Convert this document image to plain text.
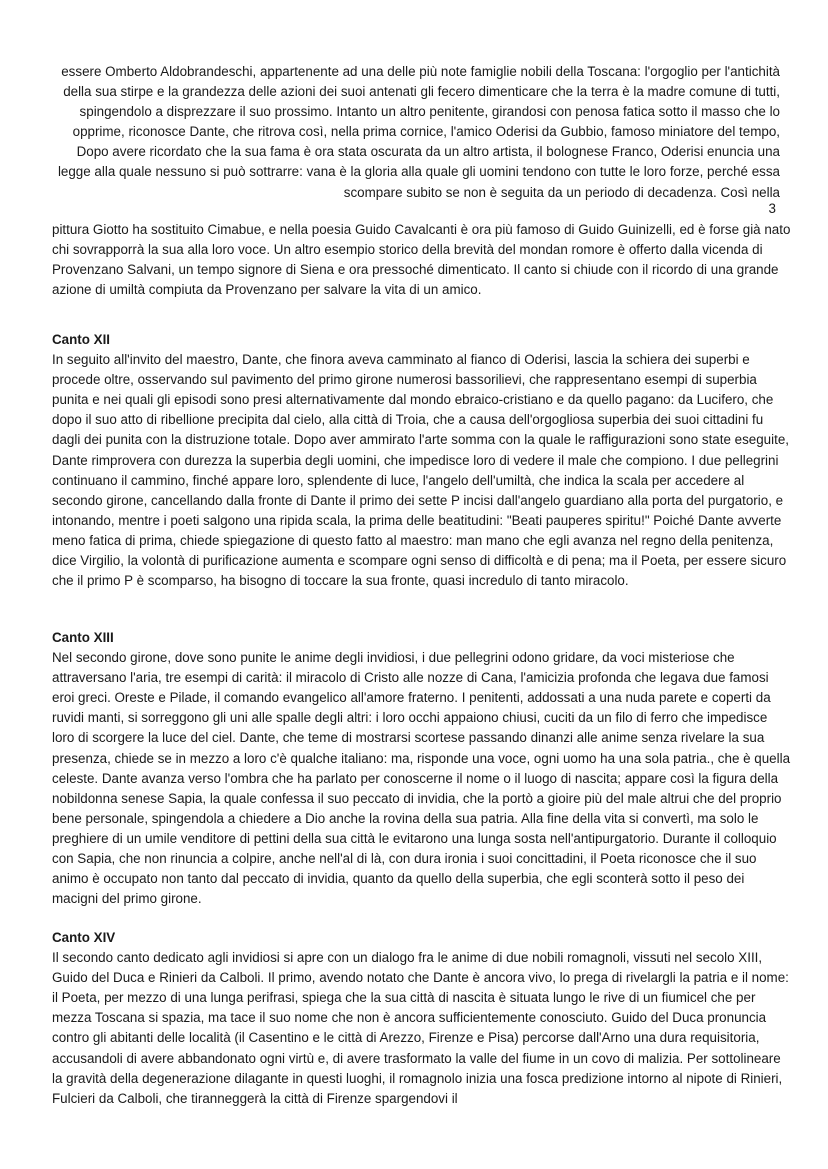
essere Omberto Aldobrandeschi, appartenente ad una delle più note famiglie nobili della Toscana: l'orgoglio per l'antichità della sua stirpe e la grandezza delle azioni dei suoi antenati gli fecero dimenticare che la terra è la madre comune di tutti, spingendolo a disprezzare il suo prossimo. Intanto un altro penitente, girandosi con penosa fatica sotto il masso che lo opprime, riconosce Dante, che ritrova così, nella prima cornice, l'amico Oderisi da Gubbio, famoso miniatore del tempo, Dopo avere ricordato che la sua fama è ora stata oscurata da un altro artista, il bolognese Franco, Oderisi enuncia una legge alla quale nessuno si può sottrarre: vana è la gloria alla quale gli uomini tendono con tutte le loro forze, perché essa scompare subito se non è seguita da un periodo di decadenza. Così nella

3

pittura Giotto ha sostituito Cimabue, e nella poesia Guido Cavalcanti è ora più famoso di Guido Guinizelli, ed è forse già nato chi sovrapporrà la sua alla loro voce. Un altro esempio storico della brevità del mondan romore è offerto dalla vicenda di Provenzano Salvani, un tempo signore di Siena e ora pressoché dimenticato. Il canto si chiude con il ricordo di una grande azione di umiltà compiuta da Provenzano per salvare la vita di un amico.

Canto XII

In seguito all'invito del maestro, Dante, che finora aveva camminato al fianco di Oderisi, lascia la schiera dei superbi e procede oltre, osservando sul pavimento del primo girone numerosi bassorilievi, che rappresentano esempi di superbia punita e nei quali gli episodi sono presi alternativamente dal mondo ebraico-cristiano e da quello pagano: da Lucifero, che dopo il suo atto di ribellione precipita dal cielo, alla città di Troia, che a causa dell'orgogliosa superbia dei suoi cittadini fu dagli dei punita con la distruzione totale. Dopo aver ammirato l'arte somma con la quale le raffigurazioni sono state eseguite, Dante rimprovera con durezza la superbia degli uomini, che impedisce loro di vedere il male che compiono. I due pellegrini continuano il cammino, finché appare loro, splendente di luce, l'angelo dell'umiltà, che indica la scala per accedere al secondo girone, cancellando dalla fronte di Dante il primo dei sette P incisi dall'angelo guardiano alla porta del purgatorio, e intonando, mentre i poeti salgono una ripida scala, la prima delle beatitudini: "Beati pauperes spiritu!" Poiché Dante avverte meno fatica di prima, chiede spiegazione di questo fatto al maestro: man mano che egli avanza nel regno della penitenza, dice Virgilio, la volontà di purificazione aumenta e scompare ogni senso di difficoltà e di pena; ma il Poeta, per essere sicuro che il primo P è scomparso, ha bisogno di toccare la sua fronte, quasi incredulo di tanto miracolo.

Canto XIII

Nel secondo girone, dove sono punite le anime degli invidiosi, i due pellegrini odono gridare, da voci misteriose che attraversano l'aria, tre esempi di carità: il miracolo di Cristo alle nozze di Cana, l'amicizia profonda che legava due famosi eroi greci. Oreste e Pilade, il comando evangelico all'amore fraterno. I penitenti, addossati a una nuda parete e coperti da ruvidi manti, si sorreggono gli uni alle spalle degli altri: i loro occhi appaiono chiusi, cuciti da un filo di ferro che impedisce loro di scorgere la luce del ciel. Dante, che teme di mostrarsi scortese passando dinanzi alle anime senza rivelare la sua presenza, chiede se in mezzo a loro c'è qualche italiano: ma, risponde una voce, ogni uomo ha una sola patria., che è quella celeste. Dante avanza verso l'ombra che ha parlato per conoscerne il nome o il luogo di nascita; appare così la figura della nobildonna senese Sapia, la quale confessa il suo peccato di invidia, che la portò a gioire più del male altrui che del proprio bene personale, spingendola a chiedere a Dio anche la rovina della sua patria. Alla fine della vita si convertì, ma solo le preghiere di un umile venditore di pettini della sua città le evitarono una lunga sosta nell'antipurgatorio. Durante il colloquio con Sapia, che non rinuncia a colpire, anche nell'al di là, con dura ironia i suoi concittadini, il Poeta riconosce che il suo animo è occupato non tanto dal peccato di invidia, quanto da quello della superbia, che egli sconterà sotto il peso dei macigni del primo girone.

Canto XIV

Il secondo canto dedicato agli invidiosi si apre con un dialogo fra le anime di due nobili romagnoli, vissuti nel secolo XIII, Guido del Duca e Rinieri da Calboli. Il primo, avendo notato che Dante è ancora vivo, lo prega di rivelargli la patria e il nome: il Poeta, per mezzo di una lunga perifrasi, spiega che la sua città di nascita è situata lungo le rive di un fiumicel che per mezza Toscana si spazia, ma tace il suo nome che non è ancora sufficientemente conosciuto. Guido del Duca pronuncia contro gli abitanti delle località (il Casentino e le città di Arezzo, Firenze e Pisa) percorse dall'Arno una dura requisitoria, accusandoli di avere abbandonato ogni virtù e, di avere trasformato la valle del fiume in un covo di malizia. Per sottolineare la gravità della degenerazione dilagante in questi luoghi, il romagnolo inizia una fosca predizione intorno al nipote di Rinieri, Fulcieri da Calboli, che tiranneggerà la città di Firenze spargendovi il
